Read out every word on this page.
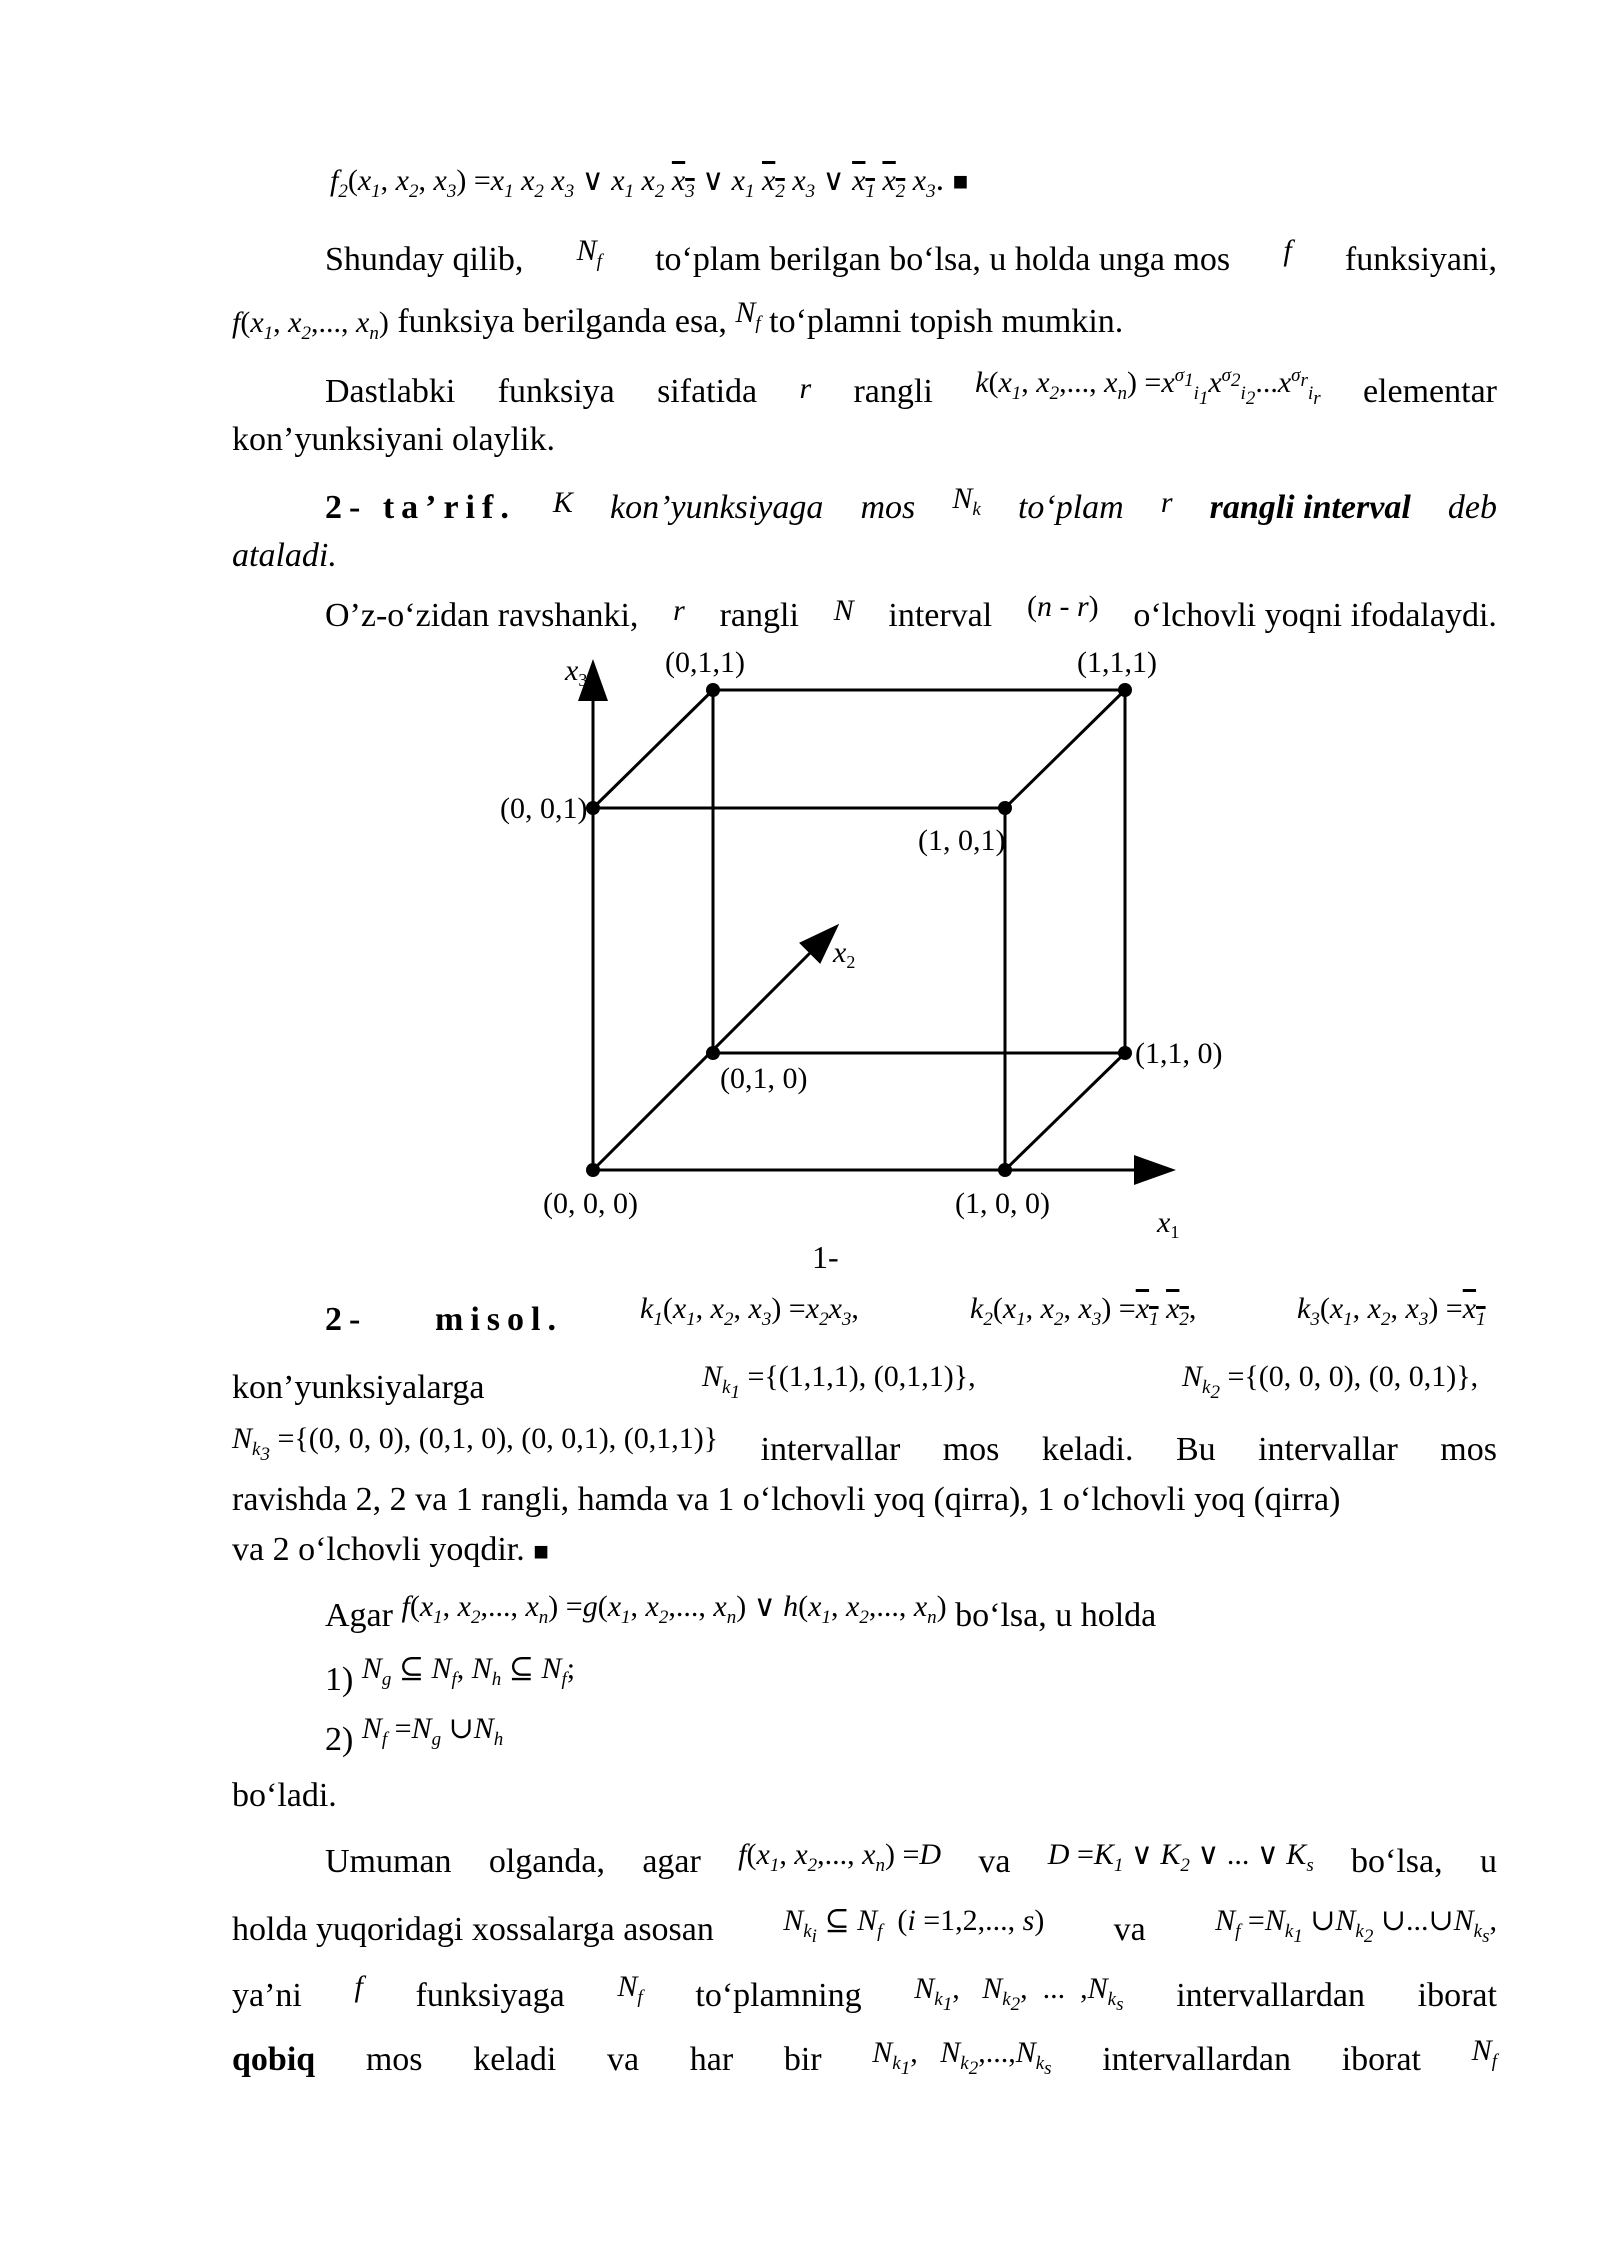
$f_2(x_1$, $x_2$, $x_3) =x_1$ $x_2$ $x_3$ ∨ $x_1$ $x_2$ $x_3$ ∨ $x_1$ $x_2$ $x_3$ ∨ $x_1$ $x_2$ $x_3$. ■
Shunday qilib, $N_f$ to‘plam berilgan bo‘lsa, u holda unga mos f funksiyani,
$f(x_1$, $x_2$,..., $x_n$) funksiya berilganda esa, $N_f$ to‘plamni topish mumkin.
Dastlabki funksiya sifatida r rangli $k(x_1$, $x_2$,..., $x_n) =x^{\sigma_1}_{i_1}x^{\sigma_2}_{i_2}...x^{\sigma_r}_{i_r}$ elementar
kon’yunksiyani olaylik.
2- ta’rif. K kon’yunksiyaga mos $N_k$ to‘plam r rangli interval deb
ataladi.
O’z-o‘zidan ravshanki, r rangli N interval (n - r) o‘lchovli yoqni ifodalaydi.
$x_3$
$x_2$
$x_1$
(0,1,1)	(1,1,1)
(0, 0,1)
(1, 0,1)
(0,1, 0)
(1,1, 0)
(0, 0, 0)	(1, 0, 0)
1-
2-	misol.	$k_1(x_1$, $x_2$, $x_3) =x_2x_3$,	$k_2(x_1$, $x_2$, $x_3) =x_1$ $x_2$,	$k_3(x_1$, $x_2$, $x_3) =x_1$
kon’yunksiyalarga	$N_{k_1} =\{(1,1,1)$, (0,1,1)},	$N_{k_2} =\{(0$, 0, 0), (0, 0,1)},
$N_{k_3} =\{(0$, 0, 0), (0,1, 0), (0, 0,1), (0,1,1)} intervallar mos keladi. Bu intervallar mos
ravishda 2, 2 va 1 rangli, hamda va 1 o‘lchovli yoq (qirra), 1 o‘lchovli yoq (qirra)
va 2 o‘lchovli yoqdir. ■
Agar $f(x_1$, $x_2$,..., $x_n) =g(x_1$, $x_2$,..., $x_n$) ∨ $h(x_1$, $x_2$,..., $x_n$) bo‘lsa, u holda
1) $N_g$ ⊆ $N_f$, $N_h$ ⊆ $N_f$;
2) $N_f =N_g$ $\cup N_h$
bo‘ladi.
Umuman olganda, agar $f(x_1$, $x_2$,..., $x_n) =D$ va $D =K_1$ ∨ $K_2$ ∨ ... ∨ $K_s$ bo‘lsa, u
holda yuqoridagi xossalarga asosan $N_{k_i}$ ⊆ $N_f$  (i =1,2,..., s) va $N_f =N_{k_1}$ $\cup N_{k_2}$ $\cup...\cup N_{k_s}$,
ya’ni f funksiyaga $N_f$ to‘plamning $N_{k_1}$,   $N_{k_2}$,  ...  $,N_{k_s}$ intervallardan iborat
qobiq mos keladi va har bir $N_{k_1}$,   $N_{k_2},...,N_{k_s}$ intervallardan iborat $N_f$
